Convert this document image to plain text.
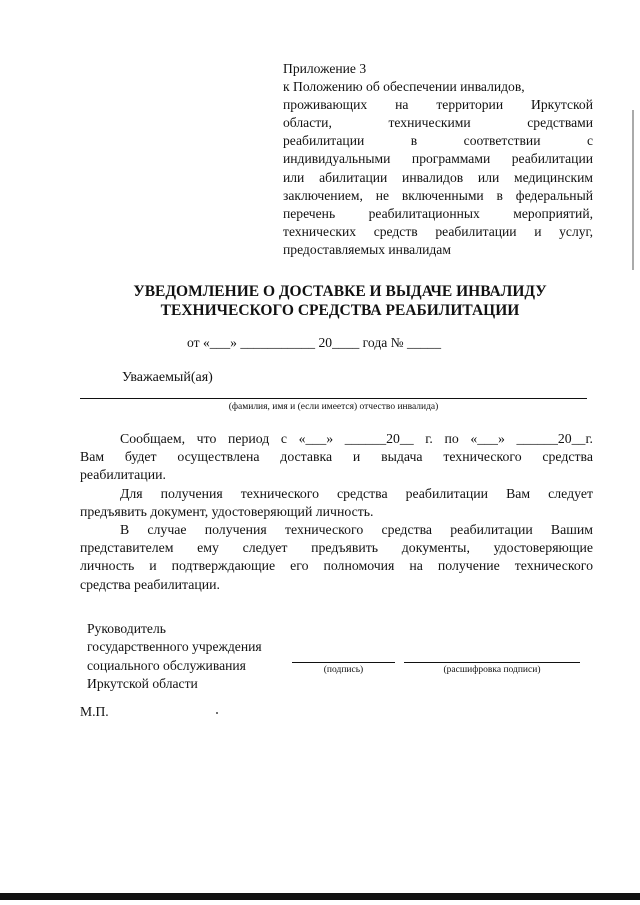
Приложение 3
к Положению об обеспечении инвалидов,
проживающих на территории Иркутской
области, техническими средствами
реабилитации в соответствии с
индивидуальными программами реабилитации
или абилитации инвалидов или медицинским
заключением, не включенными в федеральный
перечень реабилитационных мероприятий,
технических средств реабилитации и услуг,
предоставляемых инвалидам
УВЕДОМЛЕНИЕ О ДОСТАВКЕ И ВЫДАЧЕ ИНВАЛИДУ
ТЕХНИЧЕСКОГО СРЕДСТВА РЕАБИЛИТАЦИИ
от «___» ___________ 20____ года № _____
Уважаемый(ая)
(фамилия, имя и (если имеется) отчество инвалида)
Сообщаем, что период с «___» ______20__ г. по «___» ______20__г.
Вам будет осуществлена доставка и выдача технического средства
реабилитации.
Для получения технического средства реабилитации Вам следует
предъявить документ, удостоверяющий личность.
В случае получения технического средства реабилитации Вашим
представителем ему следует предъявить документы, удостоверяющие
личность и подтверждающие его полномочия на получение технического
средства реабилитации.
Руководитель
государственного учреждения
социального обслуживания
Иркутской области
(подпись)	(расшифровка подписи)
М.П.
